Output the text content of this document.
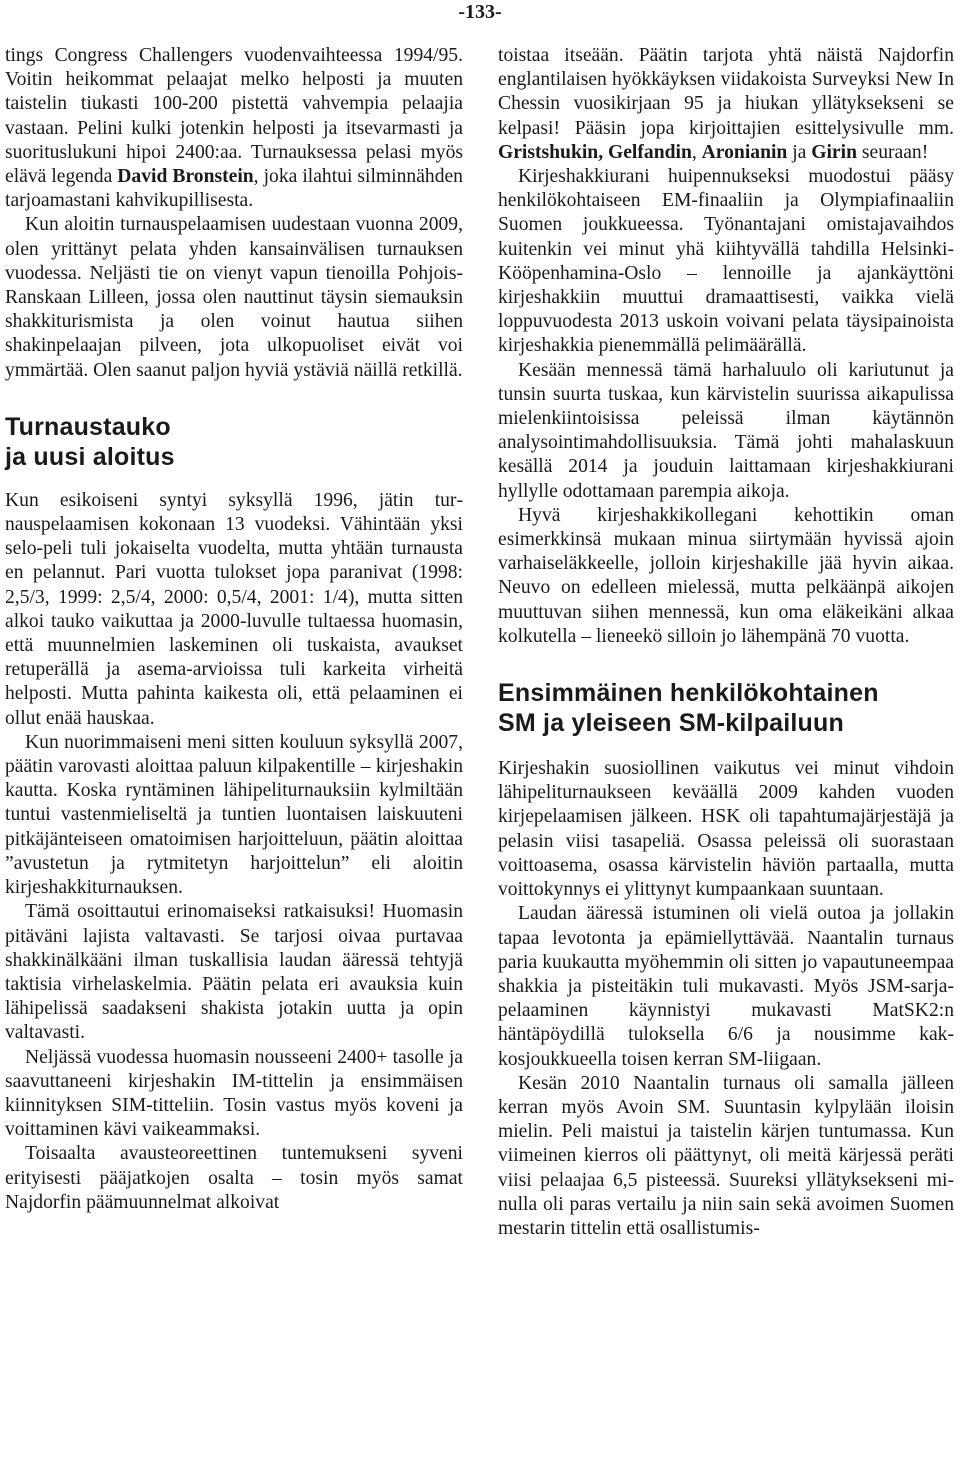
-133-

tings Congress Challengers vuodenvaihteessa 1994/95. Voitin heikommat pelaajat melko helposti ja muuten taistelin tiukasti 100-200 pistettä vahvempia pelaajia vastaan. Pelini kulki jotenkin helposti ja itsevarmasti ja suorituslukuni hipoi 2400:aa. Turnauksessa pelasi myös elävä legenda David Bronstein, joka ilahtui silminnähden tarjoamastani kahvikupillisesta.

Kun aloitin turnauspelaamisen uudestaan vuonna 2009, olen yrittänyt pelata yhden kansainvälisen turnauksen vuodessa. Neljästi tie on vienyt vapun tienoilla Pohjois-Ranskaan Lilleen, jossa olen nauttinut täysin siemauksin shakkiturismista ja olen voinut hautua siihen shakinpelaajan pilveen, jota ulkopuoliset eivät voi ymmärtää. Olen saanut paljon hyviä ystäviä näillä retkillä.

Turnaustauko
ja uusi aloitus

Kun esikoiseni syntyi syksyllä 1996, jätin turnauspelaamisen kokonaan 13 vuodeksi. Vähintään yksi selo-peli tuli jokaiselta vuodelta, mutta yhtään turnausta en pelannut. Pari vuotta tulokset jopa paranivat (1998: 2,5/3, 1999: 2,5/4, 2000: 0,5/4, 2001: 1/4), mutta sitten alkoi tauko vaikuttaa ja 2000-luvulle tultaessa huomasin, että muunnelmien laskeminen oli tuskaista, avaukset retuperällä ja asema-arvioissa tuli karkeita virheitä helposti. Mutta pahinta kaikesta oli, että pelaaminen ei ollut enää hauskaa.

Kun nuorimmaiseni meni sitten kouluun syksyllä 2007, päätin varovasti aloittaa paluun kilpakentille – kirjeshakin kautta. Koska ryntäminen lähipeliturnauksiin kylmiltään tuntui vastenmieliseltä ja tuntien luontaisen laiskuuteni pitkäjänteiseen omatoimisen harjoitteluun, päätin aloittaa ”avustetun ja rytmitetyn harjoittelun” eli aloitin kirjeshakkiturnauksen.

Tämä osoittautui erinomaiseksi ratkaisuksi! Huomasin pitäväni lajista valtavasti. Se tarjosi oivaa purtavaa shakkinälkääni ilman tuskallisia laudan ääressä tehtyjä taktisia virhelaskelmia. Päätin pelata eri avauksia kuin lähipelissä saadakseni shakista jotakin uutta ja opin valtavasti.

Neljässä vuodessa huomasin nousseeni 2400+ tasolle ja saavuttaneeni kirjeshakin IM-tittelin ja ensimmäisen kiinnityksen SIM-titteliin. Tosin vastus myös koveni ja voittaminen kävi vaikeammaksi.

Toisaalta avausteoreettinen tuntemukseni syveni erityisesti pääjatkojen osalta – tosin myös samat Najdorfin päämuunnelmat alkoivat

toistaa itseään. Päätin tarjota yhtä näistä Najdorfin englantilaisen hyökkäyksen viidakoista Surveyksi New In Chessin vuosikirjaan 95 ja hiukan yllätyksekseni se kelpasi! Pääsin jopa kirjoittajien esittelysivulle mm. Gristshukin, Gelfandin, Aronianin ja Girin seuraan!

Kirjeshakkiurani huipennukseksi muodostui pääsy henkilökohtaiseen EM-finaaliin ja Olympiafinaaliin Suomen joukkueessa. Työnantajani omistajavaihdos kuitenkin vei minut yhä kiihtyvällä tahdilla Helsinki-Kööpenhamina-Oslo – lennoille ja ajankäyttöni kirjeshakkiin muuttui dramaattisesti, vaikka vielä loppuvuodesta 2013 uskoin voivani pelata täysipainoista kirjeshakkia pienemmällä pelimäärällä.

Kesään mennessä tämä harhaluulo oli kariutunut ja tunsin suurta tuskaa, kun kärvistelin suurissa aikapulissa mielenkiintoisissa peleissä ilman käytännön analysointimahdollisuuksia. Tämä johti mahalaskuun kesällä 2014 ja jouduin laittamaan kirjeshakkiurani hyllylle odottamaan parempia aikoja.

Hyvä kirjeshakkikollegani kehottikin oman esimerkkinsä mukaan minua siirtymään hyvissä ajoin varhaiseläkkeelle, jolloin kirjeshakille jää hyvin aikaa. Neuvo on edelleen mielessä, mutta pelkäänpä aikojen muuttuvan siihen mennessä, kun oma eläkeikäni alkaa kolkutella – lieneekö silloin jo lähempänä 70 vuotta.

Ensimmäinen henkilökohtainen
SM ja yleiseen SM-kilpailuun

Kirjeshakin suosiollinen vaikutus vei minut vihdoin lähipeliturnaukseen keväällä 2009 kahden vuoden kirjepelaamisen jälkeen. HSK oli tapahtumajärjestäjä ja pelasin viisi tasapeliä. Osassa peleissä oli suorastaan voittoasema, osassa kärvistelin häviön partaalla, mutta voittokynnys ei ylittynyt kumpaankaan suuntaan.

Laudan ääressä istuminen oli vielä outoa ja jollakin tapaa levotonta ja epämiellyttävää. Naantalin turnaus paria kuukautta myöhemmin oli sitten jo vapautuneempaa shakkia ja pisteitäkin tuli mukavasti. Myös JSM-sarjapelaaminen käynnistyi mukavasti MatSK2:n häntäpöydillä tuloksella 6/6 ja nousimme kakkosjoukkueella toisen kerran SM-liigaan.

Kesän 2010 Naantalin turnaus oli samalla jälleen kerran myös Avoin SM. Suuntasin kylpylään iloisin mielin. Peli maistui ja taistelin kärjen tuntumassa. Kun viimeinen kierros oli päättynyt, oli meitä kärjessä peräti viisi pelaajaa 6,5 pisteessä. Suureksi yllätyksekseni minulla oli paras vertailu ja niin sain sekä avoimen Suomen mestarin tittelin että osallistumis-
